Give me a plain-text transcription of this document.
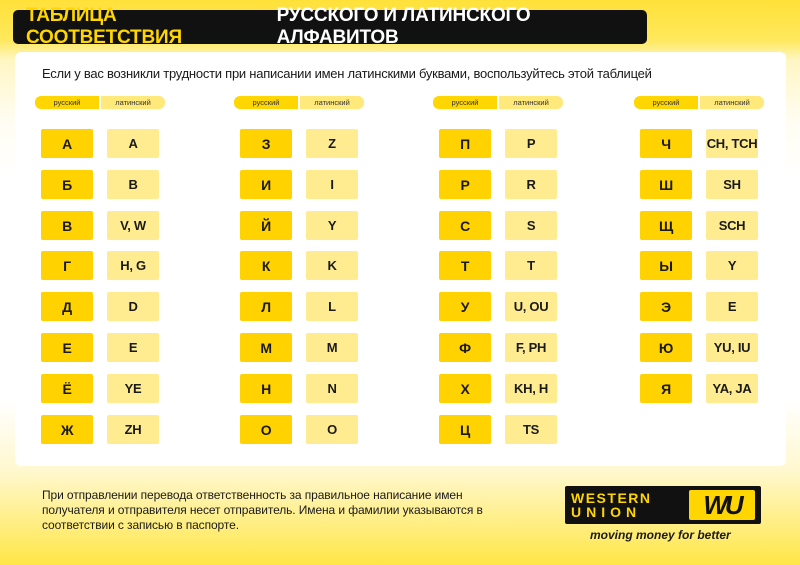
ТАБЛИЦА СООТВЕТСТВИЯ
РУССКОГО И ЛАТИНСКОГО АЛФАВИТОВ
Если у вас возникли трудности при написании имен латинскими буквами, воспользуйтесь этой таблицей
русский	латинский
А	A
Б	B
В	V, W
Г	H, G
Д	D
Е	E
Ё	YE
Ж	ZH
русский	латинский
З	Z
И	I
Й	Y
К	K
Л	L
М	M
Н	N
О	O
русский	латинский
П	P
Р	R
С	S
Т	T
У	U, OU
Ф	F, PH
Х	KH, H
Ц	TS
русский	латинский
Ч	CH, TCH
Ш	SH
Щ	SCH
Ы	Y
Э	E
Ю	YU, IU
Я	YA, JA
При отправлении перевода ответственность за правильное написание имен получателя и отправителя несет отправитель. Имена и фамилии указываются в соответствии с записью в паспорте.
WESTERN
UNION	WU
moving money for better
